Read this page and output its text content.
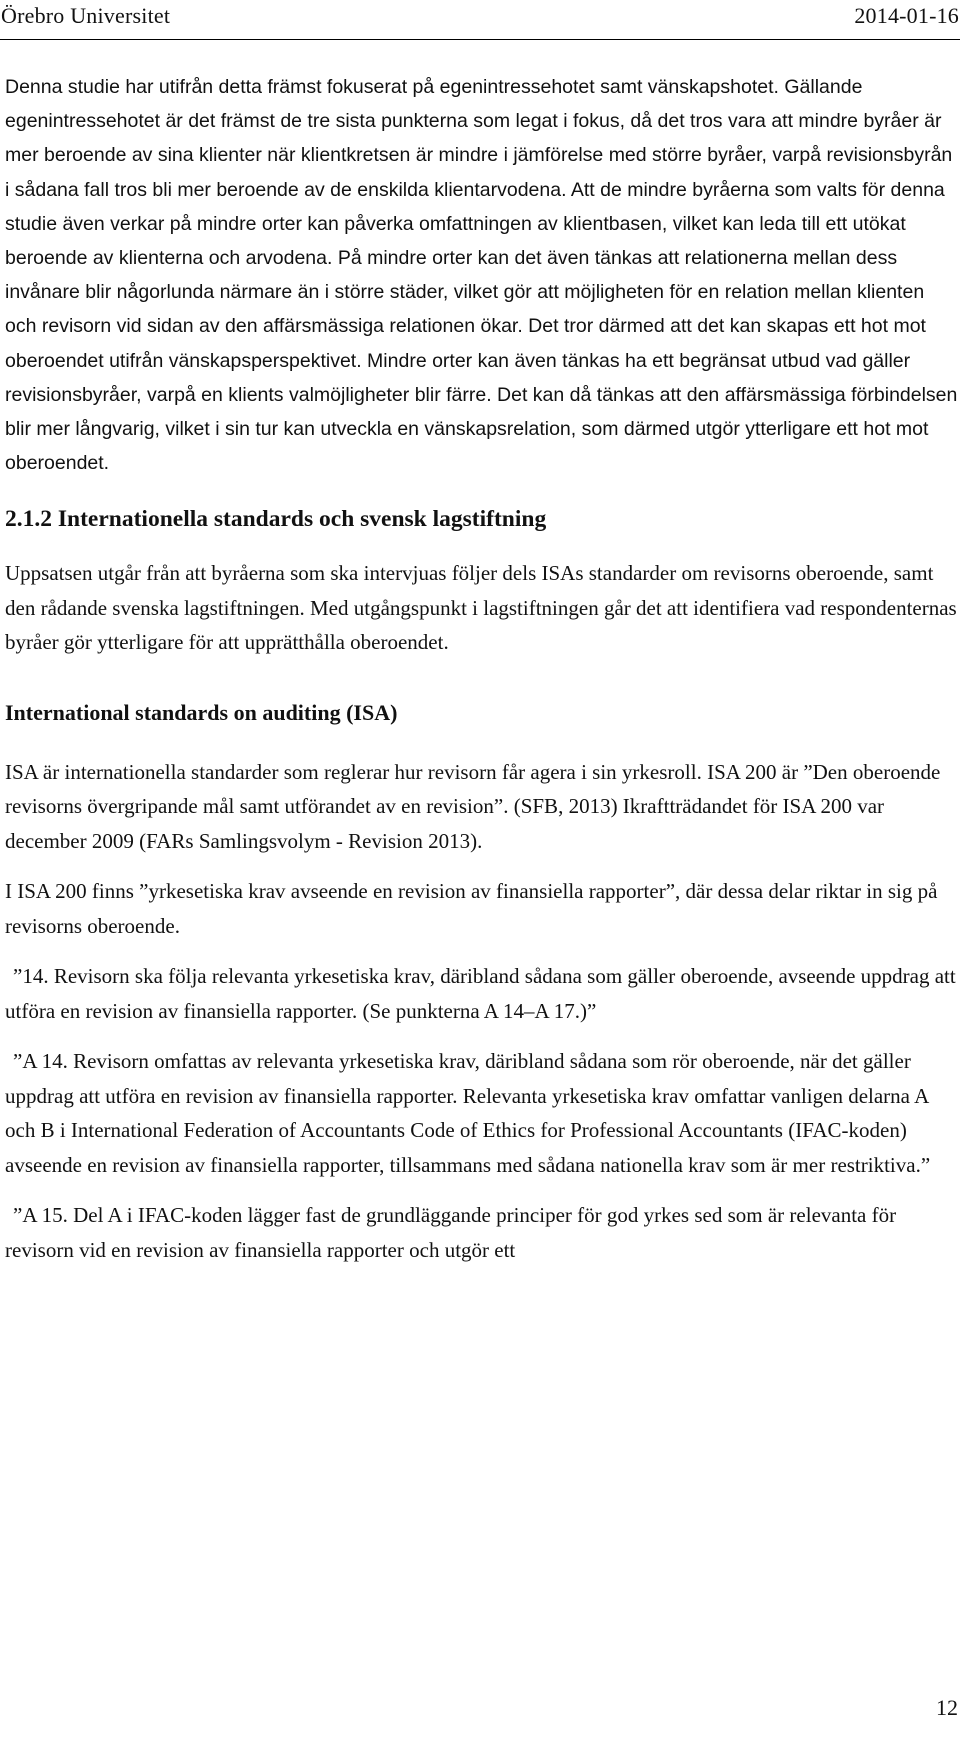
Örebro Universitet	2014-01-16

Denna studie har utifrån detta främst fokuserat på egenintressehotet samt vänskapshotet. Gällande egenintressehotet är det främst de tre sista punkterna som legat i fokus, då det tros vara att mindre byråer är mer beroende av sina klienter när klientkretsen är mindre i jämförelse med större byråer, varpå revisionsbyrån i sådana fall tros bli mer beroende av de enskilda klientarvodena. Att de mindre byråerna som valts för denna studie även verkar på mindre orter kan påverka omfattningen av klientbasen, vilket kan leda till ett utökat beroende av klienterna och arvodena. På mindre orter kan det även tänkas att relationerna mellan dess invånare blir någorlunda närmare än i större städer, vilket gör att möjligheten för en relation mellan klienten och revisorn vid sidan av den affärsmässiga relationen ökar. Det tror därmed att det kan skapas ett hot mot oberoendet utifrån vänskapsperspektivet. Mindre orter kan även tänkas ha ett begränsat utbud vad gäller revisionsbyråer, varpå en klients valmöjligheter blir färre. Det kan då tänkas att den affärsmässiga förbindelsen blir mer långvarig, vilket i sin tur kan utveckla en vänskapsrelation, som därmed utgör ytterligare ett hot mot oberoendet.

2.1.2 Internationella standards och svensk lagstiftning

Uppsatsen utgår från att byråerna som ska intervjuas följer dels ISAs standarder om revisorns oberoende, samt den rådande svenska lagstiftningen. Med utgångspunkt i lagstiftningen går det att identifiera vad respondenternas byråer gör ytterligare för att upprätthålla oberoendet.

International standards on auditing (ISA)

ISA är internationella standarder som reglerar hur revisorn får agera i sin yrkesroll. ISA 200 är ”Den oberoende revisorns övergripande mål samt utförandet av en revision”. (SFB, 2013) Ikraftträdandet för ISA 200 var december 2009 (FARs Samlingsvolym - Revision 2013).

I ISA 200 finns ”yrkesetiska krav avseende en revision av finansiella rapporter”, där dessa delar riktar in sig på revisorns oberoende.

”14. Revisorn ska följa relevanta yrkesetiska krav, däribland sådana som gäller oberoende, avseende uppdrag att utföra en revision av finansiella rapporter. (Se punkterna A 14–A 17.)”

”A 14. Revisorn omfattas av relevanta yrkesetiska krav, däribland sådana som rör oberoende, när det gäller uppdrag att utföra en revision av finansiella rapporter. Relevanta yrkesetiska krav omfattar vanligen delarna A och B i International Federation of Accountants Code of Ethics for Professional Accountants (IFAC-koden) avseende en revision av finansiella rapporter, tillsammans med sådana nationella krav som är mer restriktiva.”

”A 15. Del A i IFAC-koden lägger fast de grundläggande principer för god yrkes sed som är relevanta för revisorn vid en revision av finansiella rapporter och utgör ett

12
